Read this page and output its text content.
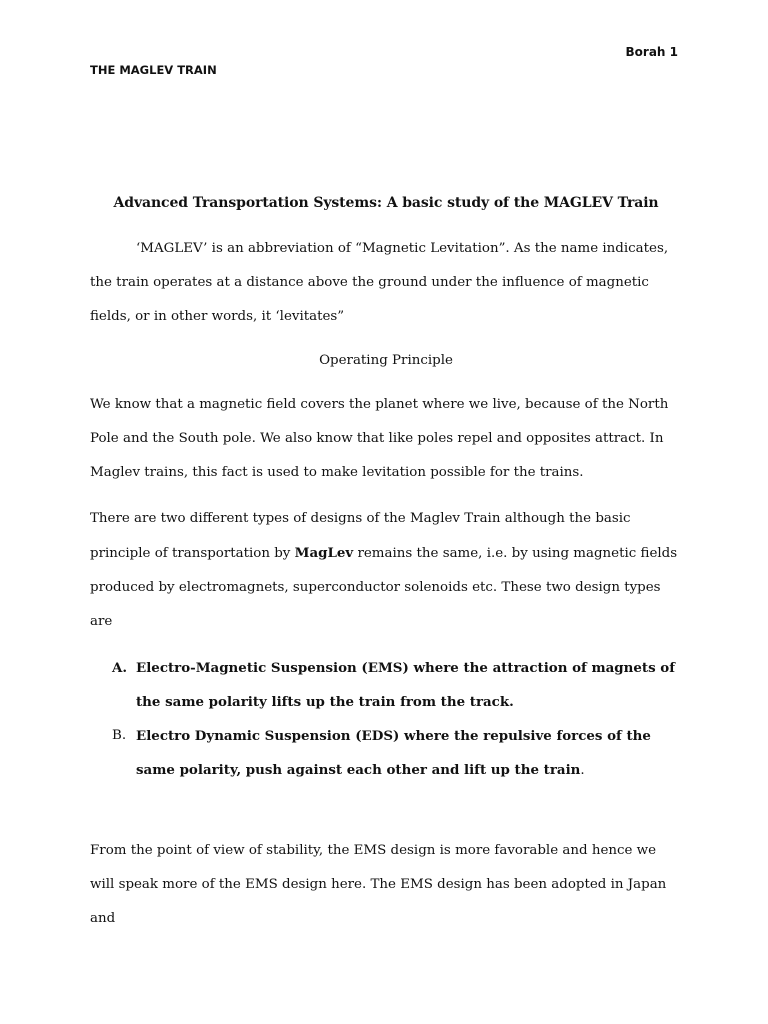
Borah 1
THE MAGLEV TRAIN

Advanced Transportation Systems: A basic study of the MAGLEV Train

‘MAGLEV’ is an abbreviation of “Magnetic Levitation”. As the name indicates, the train operates at a distance above the ground under the influence of magnetic fields, or in other words, it ‘levitates”

Operating Principle

We know that a magnetic field covers the planet where we live, because of the North Pole and the South pole. We also know that like poles repel and opposites attract. In Maglev trains, this fact is used to make levitation possible for the trains.

There are two different types of designs of the Maglev Train although the basic principle of transportation by MagLev remains the same, i.e. by using magnetic fields produced by electromagnets, superconductor solenoids etc. These two design types are

A. Electro-Magnetic Suspension (EMS) where the attraction of magnets of the same polarity lifts up the train from the track.
B. Electro Dynamic Suspension (EDS) where the repulsive forces of the same polarity, push against each other and lift up the train.

From the point of view of stability, the EMS design is more favorable and hence we will speak more of the EMS design here. The EMS design has been adopted in Japan and
